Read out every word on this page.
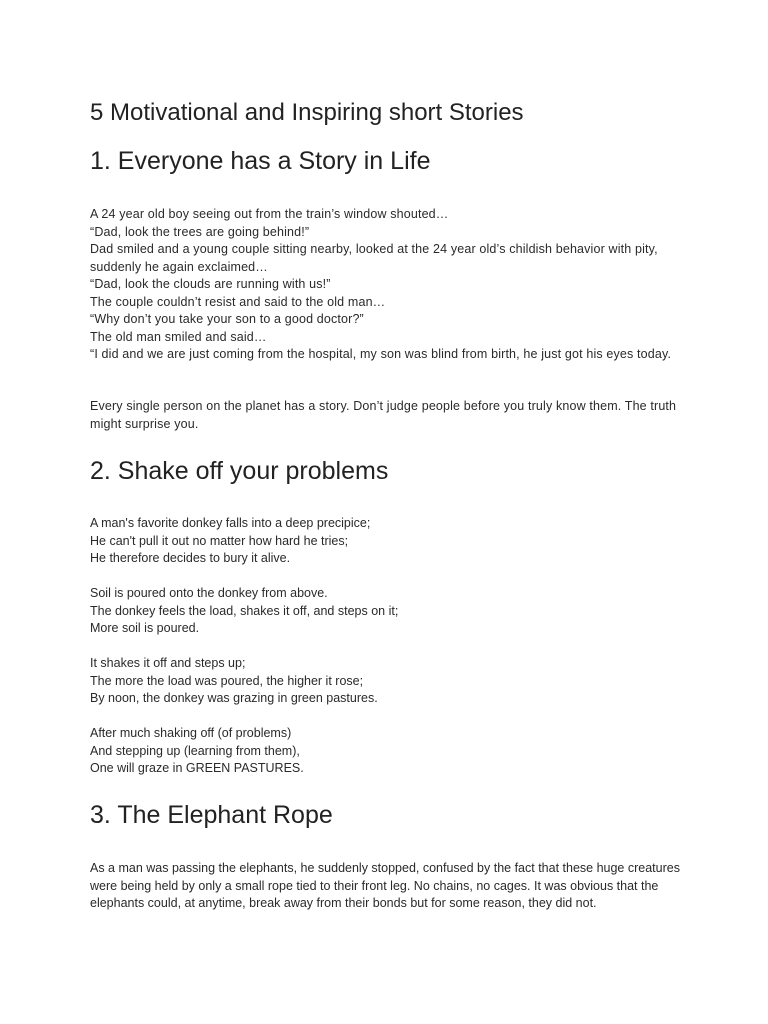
5 Motivational and Inspiring short Stories
1. Everyone has a Story in Life
A 24 year old boy seeing out from the train’s window shouted…
“Dad, look the trees are going behind!”
Dad smiled and a young couple sitting nearby, looked at the 24 year old’s childish behavior with pity, suddenly he again exclaimed…
“Dad, look the clouds are running with us!”
The couple couldn’t resist and said to the old man…
“Why don’t you take your son to a good doctor?”
The old man smiled and said…
“I did and we are just coming from the hospital, my son was blind from birth, he just got his eyes today.
Every single person on the planet has a story. Don’t judge people before you truly know them. The truth might surprise you.
2. Shake off your problems
A man's favorite donkey falls into a deep precipice;
He can't pull it out no matter how hard he tries;
He therefore decides to bury it alive.
Soil is poured onto the donkey from above.
The donkey feels the load, shakes it off, and steps on it;
More soil is poured.
It shakes it off and steps up;
The more the load was poured, the higher it rose;
By noon, the donkey was grazing in green pastures.
After much shaking off (of problems)
And stepping up (learning from them),
One will graze in GREEN PASTURES.
3. The Elephant Rope
As a man was passing the elephants, he suddenly stopped, confused by the fact that these huge creatures were being held by only a small rope tied to their front leg. No chains, no cages. It was obvious that the elephants could, at anytime, break away from their bonds but for some reason, they did not.
